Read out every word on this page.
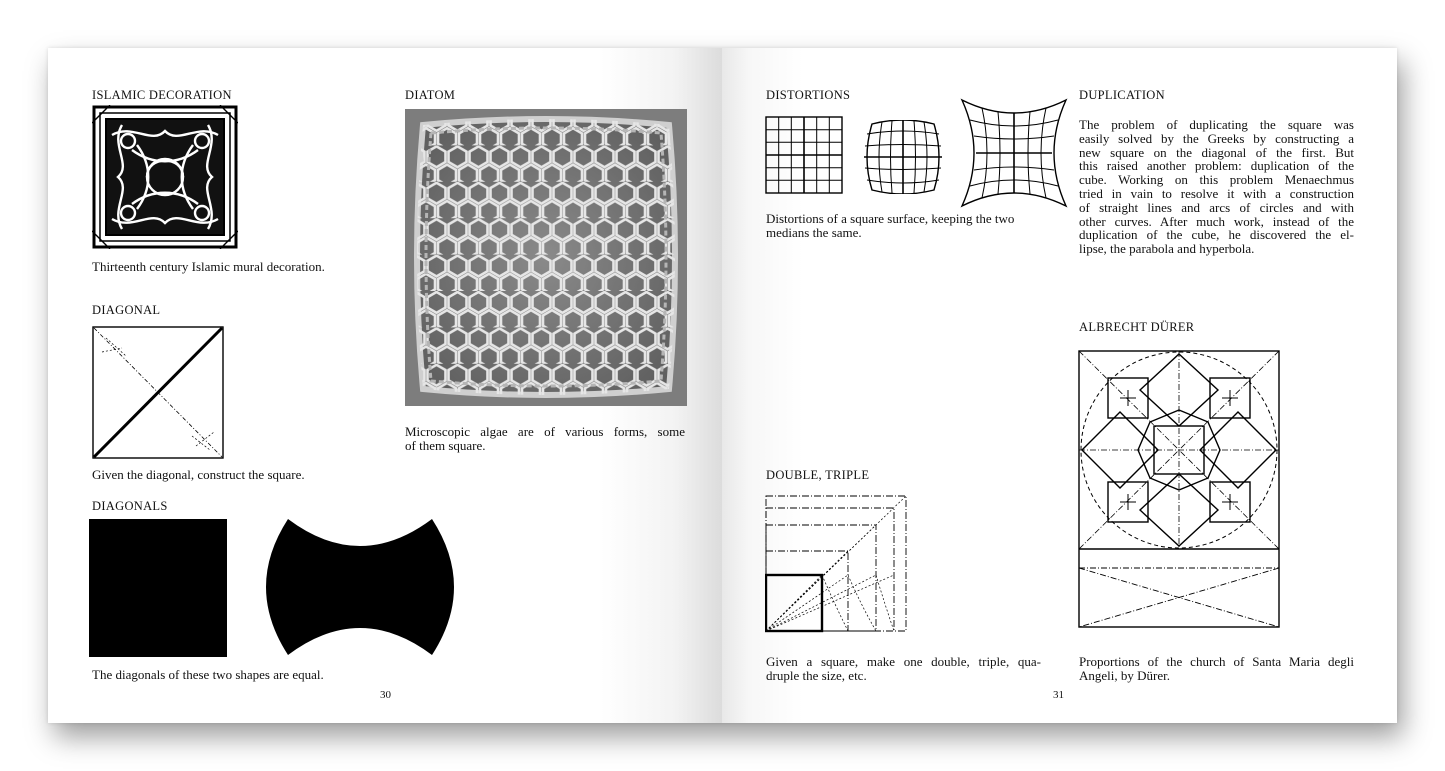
ISLAMIC DECORATION
Thirteenth century Islamic mural decoration.
DIAGONAL
Given the diagonal, construct the square.
DIAGONALS
The diagonals of these two shapes are equal.
DIATOM
Microscopic algae are of various forms, some
of them square.
30
DISTORTIONS
Distortions of a square surface, keeping the two
medians the same.
DUPLICATION
The problem of duplicating the square was
easily solved by the Greeks by constructing a
new square on the diagonal of the first. But
this raised another problem: duplication of the
cube. Working on this problem Menaechmus
tried in vain to resolve it with a construction
of straight lines and arcs of circles and with
other curves. After much work, instead of the
duplication of the cube, he discovered the el-
lipse, the parabola and hyperbola.
ALBRECHT DÜRER
Proportions of the church of Santa Maria degli
Angeli, by Dürer.
DOUBLE, TRIPLE
Given a square, make one double, triple, qua-
druple the size, etc.
31
